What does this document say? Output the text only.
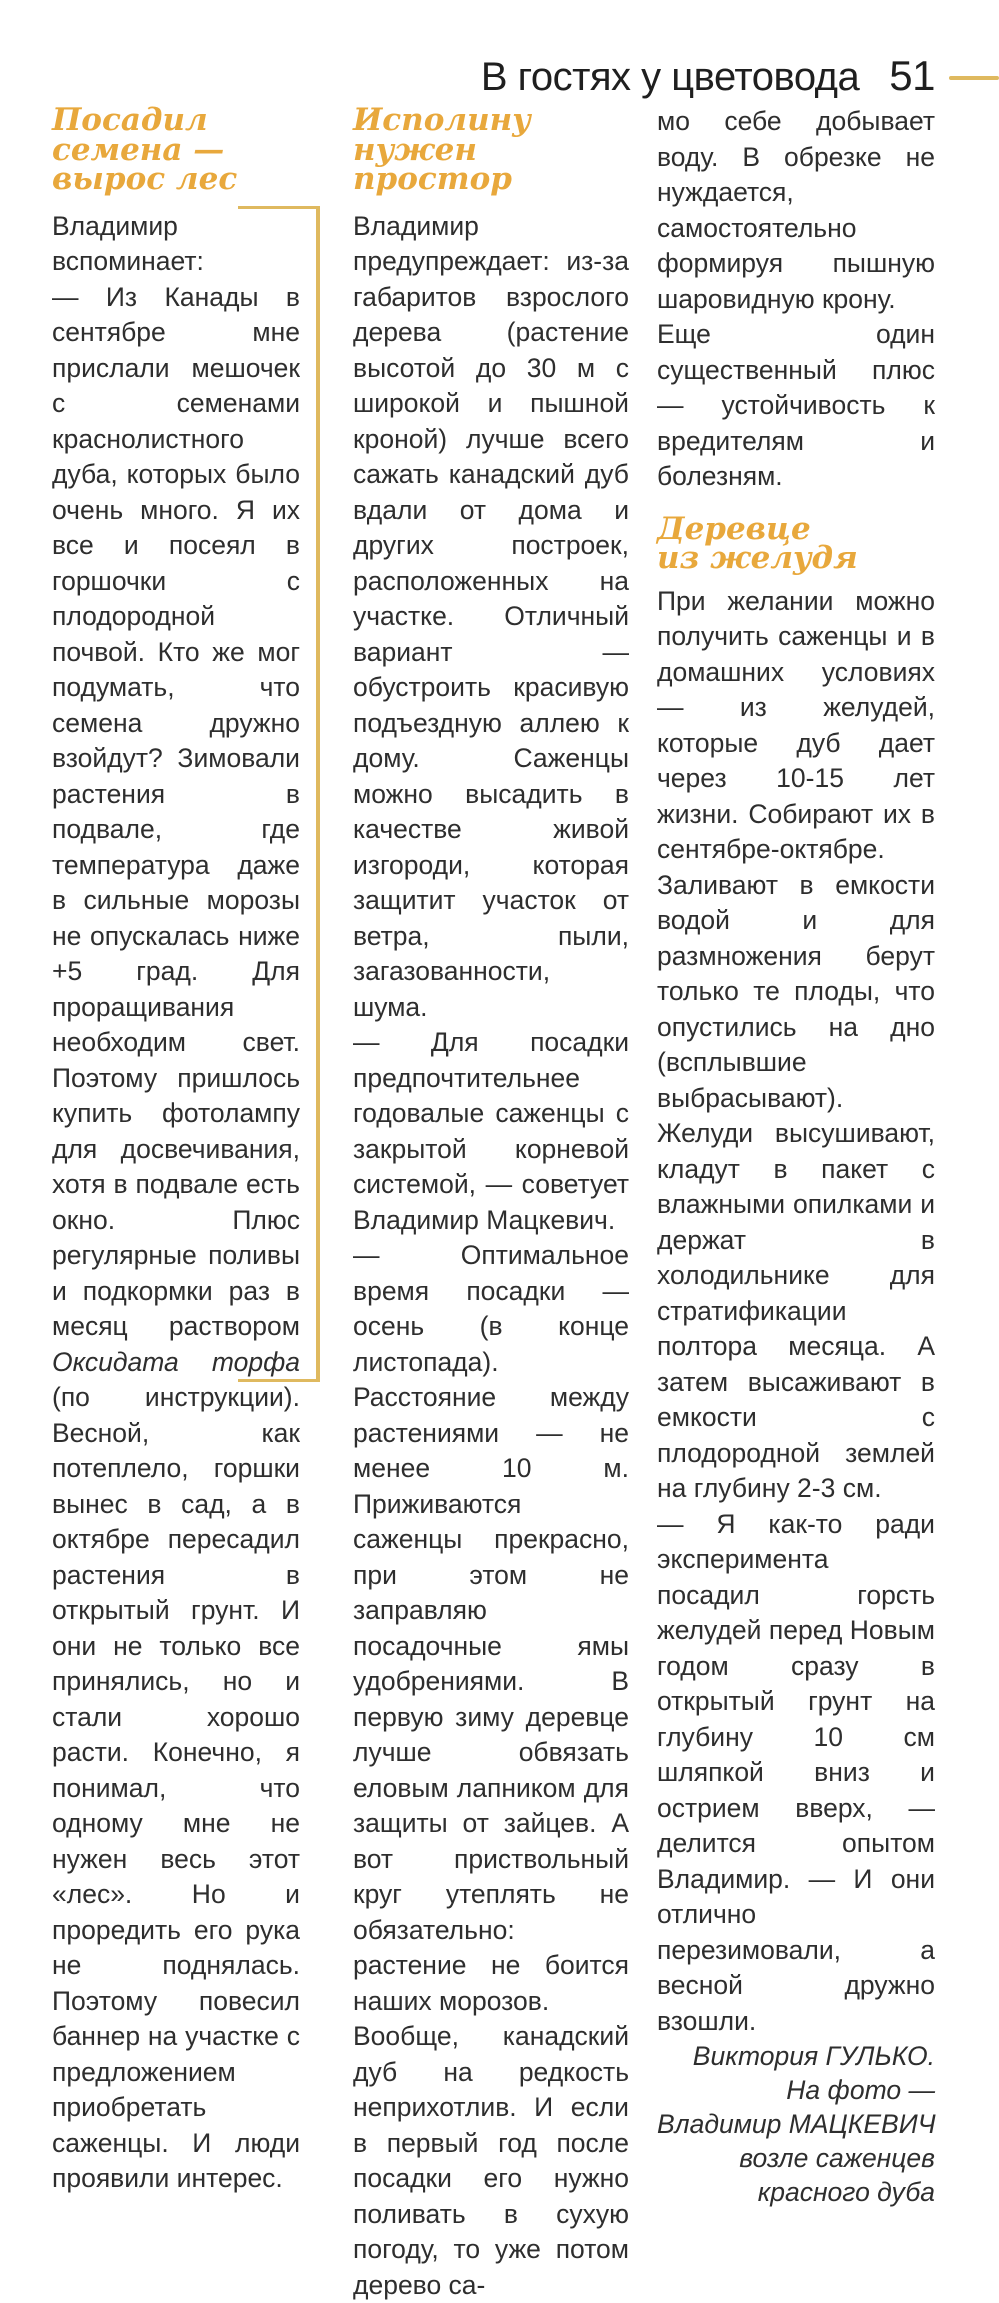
В гостях у цветовода 51
Посадил
семена —
вырос лес

Владимир вспоминает:

— Из Канады в сентябре мне прислали мешочек с семенами краснолистного дуба, которых было очень много. Я их все и посеял в горшочки с плодородной почвой. Кто же мог подумать, что семена дружно взойдут? Зимовали растения в подвале, где температура даже в сильные морозы не опускалась ниже +5 град. Для проращивания необходим свет. Поэтому пришлось купить фотолампу для досвечивания, хотя в подвале есть окно. Плюс регулярные поливы и подкормки раз в месяц раствором Оксидата торфа (по инструкции). Весной, как потеплело, горшки вынес в сад, а в октябре пересадил растения в открытый грунт. И они не только все принялись, но и стали хорошо расти. Конечно, я понимал, что одному мне не нужен весь этот «лес». Но и проредить его рука не поднялась. Поэтому повесил баннер на участке с предложением приобретать саженцы. И люди проявили интерес.

Исполину
нужен простор

Владимир предупреждает: из-за габаритов взрослого дерева (растение высотой до 30 м с широкой и пышной кроной) лучше всего сажать канадский дуб вдали от дома и других построек, расположенных на участке. Отличный вариант — обустроить красивую подъездную аллею к дому. Саженцы можно высадить в качестве живой изгороди, которая защитит участок от ветра, пыли, загазованности, шума.

— Для посадки предпочтительнее годовалые саженцы с закрытой корневой системой, — советует Владимир Мацкевич.

— Оптимальное время посадки — осень (в конце листопада). Расстояние между растениями — не менее 10 м. Приживаются саженцы прекрасно, при этом не заправляю посадочные ямы удобрениями. В первую зиму деревце лучше обвязать еловым лапником для защиты от зайцев. А вот приствольный круг утеплять не обязательно: растение не боится наших морозов.

Вообще, канадский дуб на редкость неприхотлив. И если в первый год после посадки его нужно поливать в сухую погоду, то уже потом дерево са-

мо себе добывает воду. В обрезке не нуждается, самостоятельно формируя пышную шаровидную крону.

Еще один существенный плюс — устойчивость к вредителям и болезням.

Деревце
из желудя

При желании можно получить саженцы и в домашних условиях — из желудей, которые дуб дает через 10-15 лет жизни. Собирают их в сентябре-октябре. Заливают в емкости водой и для размножения берут только те плоды, что опустились на дно (всплывшие выбрасывают). Желуди высушивают, кладут в пакет с влажными опилками и держат в холодильнике для стратификации полтора месяца. А затем высаживают в емкости с плодородной землей на глубину 2-3 см.

— Я как-то ради эксперимента посадил горсть желудей перед Новым годом сразу в открытый грунт на глубину 10 см шляпкой вниз и острием вверх, — делится опытом Владимир. — И они отлично перезимовали, а весной дружно взошли.

Виктория ГУЛЬКО.
На фото —
Владимир МАЦКЕВИЧ
возле саженцев
красного дуба
